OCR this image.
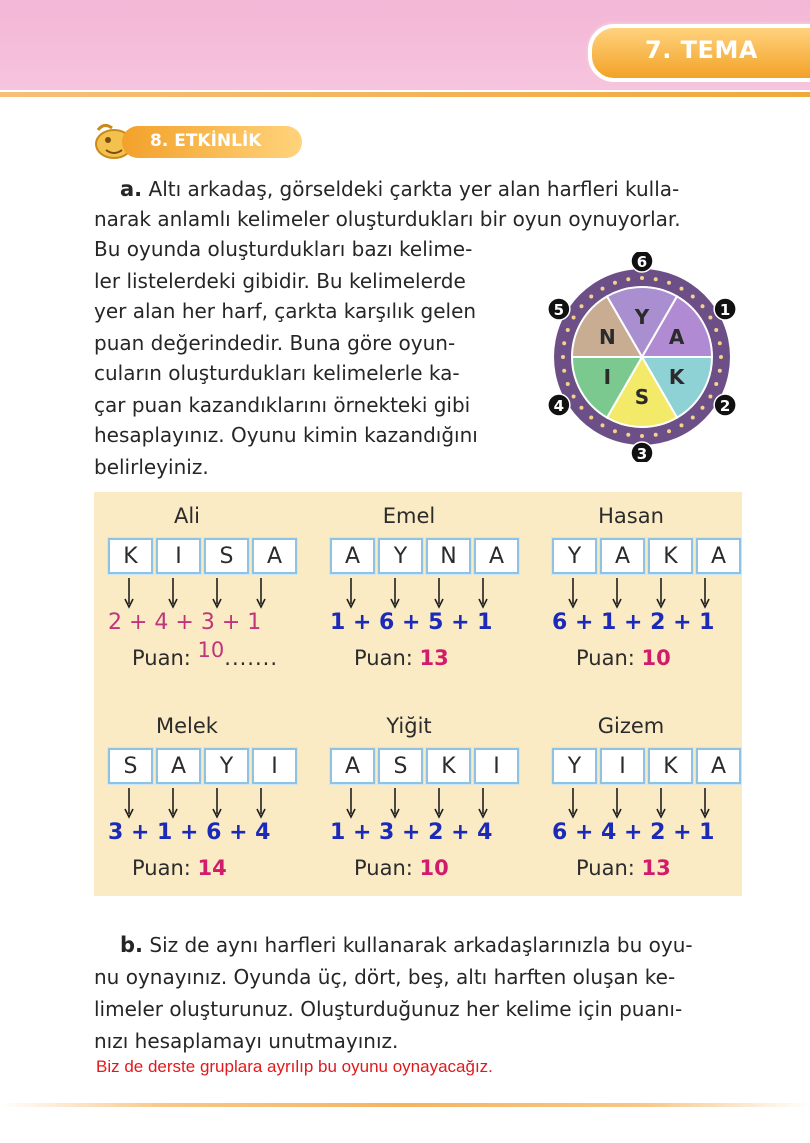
7. TEMA
8. ETKİNLİK
a. Altı arkadaş, görseldeki çarkta yer alan harfleri kulla-
narak anlamlı kelimeler oluşturdukları bir oyun oynuyorlar.
Bu oyunda oluşturdukları bazı kelime-
ler listelerdeki gibidir. Bu kelimelerde
yer alan her harf, çarkta karşılık gelen
puan değerindedir. Buna göre oyun-
cuların oluşturdukları kelimelerle ka-
çar puan kazandıklarını örnekteki gibi
hesaplayınız. Oyunu kimin kazandığını
belirleyiniz.
Y
6
A
1
K
2
S
3
I
4
N
5
Ali
K	I	S	A
2 + 4 + 3 + 1
Puan: 10.......
Emel
A	Y	N	A
1 + 6 + 5 + 1
Puan: 13
Hasan
Y	A	K	A
6 + 1 + 2 + 1
Puan: 10
Melek
S	A	Y	I
3 + 1 + 6 + 4
Puan: 14
Yiğit
A	S	K	I
1 + 3 + 2 + 4
Puan: 10
Gizem
Y	I	K	A
6 + 4 + 2 + 1
Puan: 13
b. Siz de aynı harfleri kullanarak arkadaşlarınızla bu oyu-
nu oynayınız. Oyunda üç, dört, beş, altı harften oluşan ke-
limeler oluşturunuz. Oluşturduğunuz her kelime için puanı-
nızı hesaplamayı unutmayınız.
Biz de derste gruplara ayrılıp bu oyunu oynayacağız.
